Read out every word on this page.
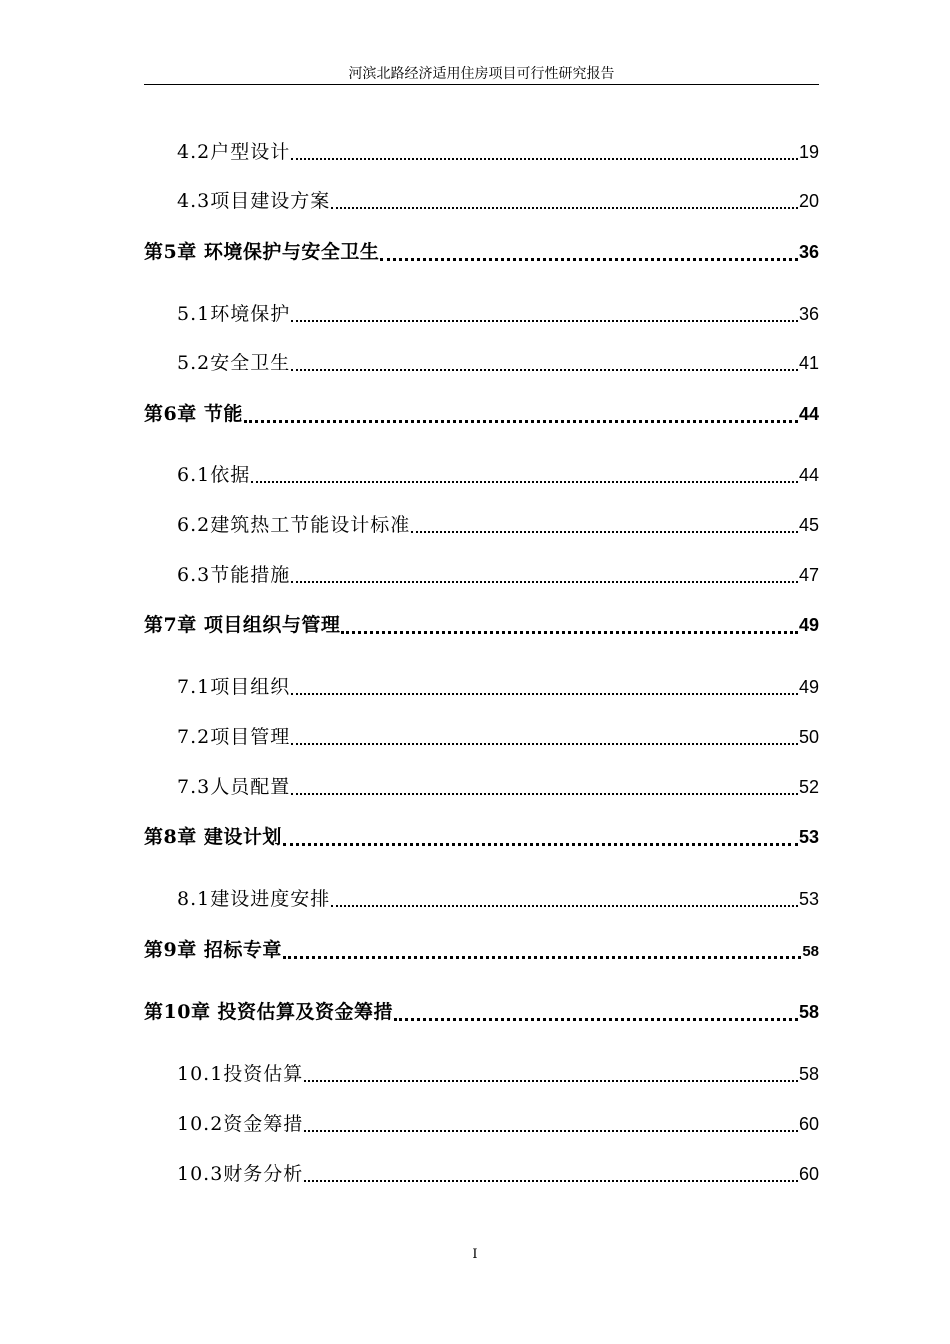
河滨北路经济适用住房项目可行性研究报告
4.2户型设计	19
4.3项目建设方案	20
第5章 环境保护与安全卫生	36
5.1环境保护	36
5.2安全卫生	41
第6章 节能	44
6.1依据	44
6.2建筑热工节能设计标准	45
6.3节能措施	47
第7章 项目组织与管理	49
7.1项目组织	49
7.2项目管理	50
7.3人员配置	52
第8章 建设计划	53
8.1建设进度安排	53
第9章 招标专章	58
第10章 投资估算及资金筹措	58
10.1投资估算	58
10.2资金筹措	60
10.3财务分析	60
I
